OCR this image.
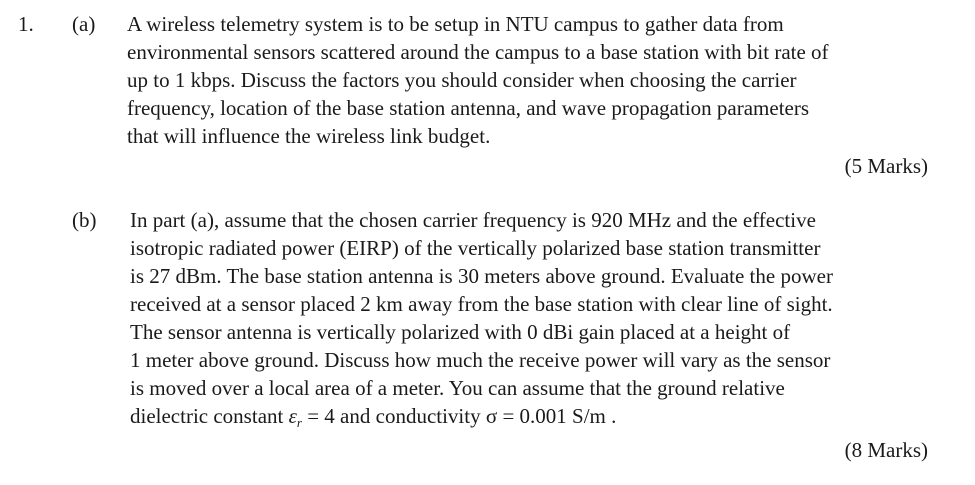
1. (a) A wireless telemetry system is to be setup in NTU campus to gather data from
environmental sensors scattered around the campus to a base station with bit rate of
up to 1 kbps. Discuss the factors you should consider when choosing the carrier
frequency, location of the base station antenna, and wave propagation parameters
that will influence the wireless link budget.
(5 Marks)
(b) In part (a), assume that the chosen carrier frequency is 920 MHz and the effective
isotropic radiated power (EIRP) of the vertically polarized base station transmitter
is 27 dBm. The base station antenna is 30 meters above ground. Evaluate the power
received at a sensor placed 2 km away from the base station with clear line of sight.
The sensor antenna is vertically polarized with 0 dBi gain placed at a height of
1 meter above ground. Discuss how much the receive power will vary as the sensor
is moved over a local area of a meter. You can assume that the ground relative
dielectric constant $\varepsilon_r = 4$ and conductivity σ = 0.001 S/m .
(8 Marks)
